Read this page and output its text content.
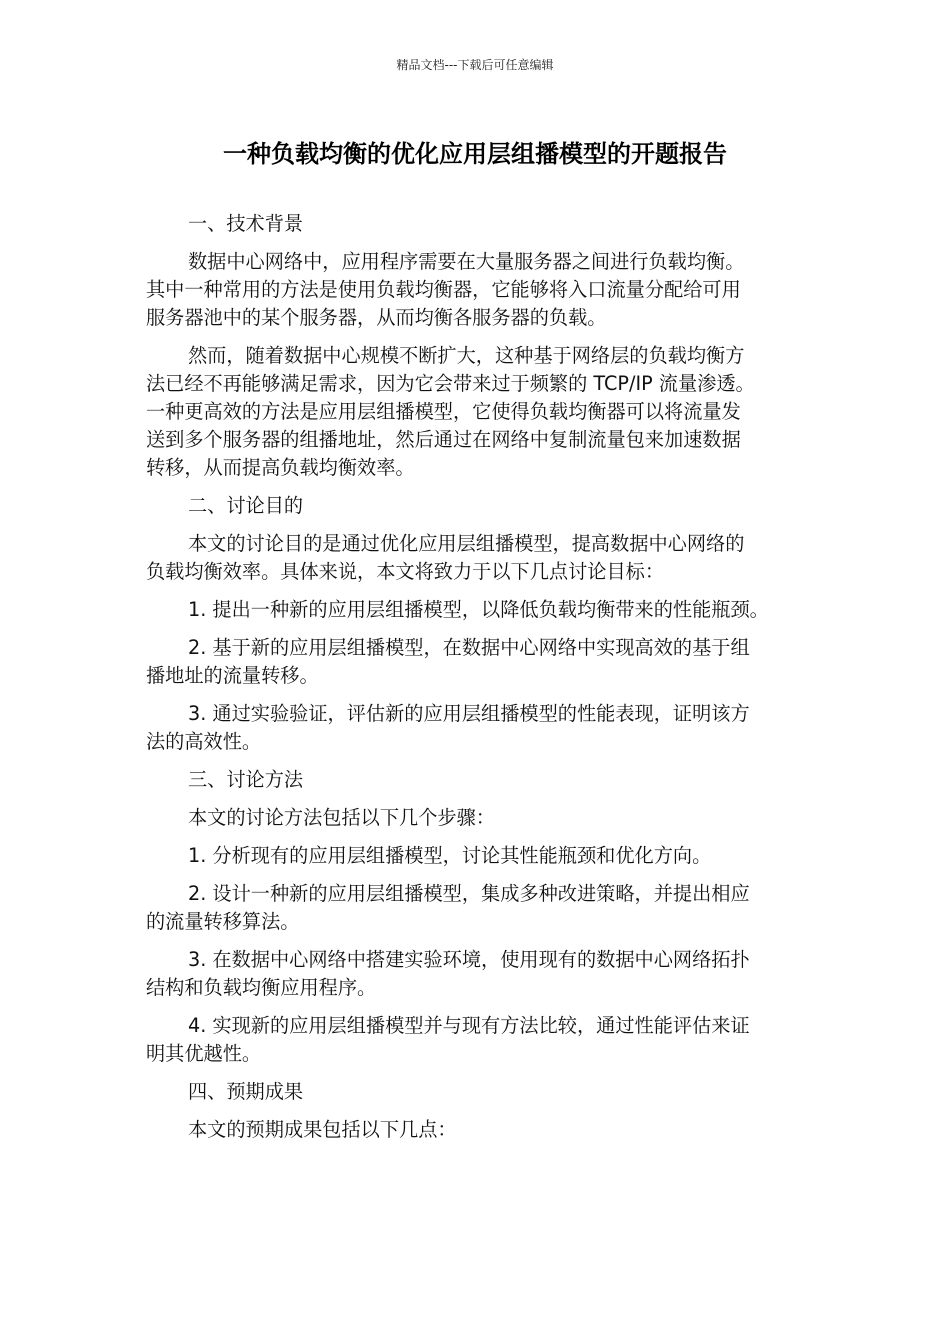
精品文档---下载后可任意编辑
一种负载均衡的优化应用层组播模型的开题报告
一、技术背景
数据中心网络中，应用程序需要在大量服务器之间进行负载均衡。
其中一种常用的方法是使用负载均衡器，它能够将入口流量分配给可用
服务器池中的某个服务器，从而均衡各服务器的负载。
然而，随着数据中心规模不断扩大，这种基于网络层的负载均衡方
法已经不再能够满足需求，因为它会带来过于频繁的 TCP/IP 流量渗透。
一种更高效的方法是应用层组播模型，它使得负载均衡器可以将流量发
送到多个服务器的组播地址，然后通过在网络中复制流量包来加速数据
转移，从而提高负载均衡效率。
二、讨论目的
本文的讨论目的是通过优化应用层组播模型，提高数据中心网络的
负载均衡效率。具体来说，本文将致力于以下几点讨论目标：
1. 提出一种新的应用层组播模型，以降低负载均衡带来的性能瓶颈。
2. 基于新的应用层组播模型，在数据中心网络中实现高效的基于组
播地址的流量转移。
3. 通过实验验证，评估新的应用层组播模型的性能表现，证明该方
法的高效性。
三、讨论方法
本文的讨论方法包括以下几个步骤：
1. 分析现有的应用层组播模型，讨论其性能瓶颈和优化方向。
2. 设计一种新的应用层组播模型，集成多种改进策略，并提出相应
的流量转移算法。
3. 在数据中心网络中搭建实验环境，使用现有的数据中心网络拓扑
结构和负载均衡应用程序。
4. 实现新的应用层组播模型并与现有方法比较，通过性能评估来证
明其优越性。
四、预期成果
本文的预期成果包括以下几点：
